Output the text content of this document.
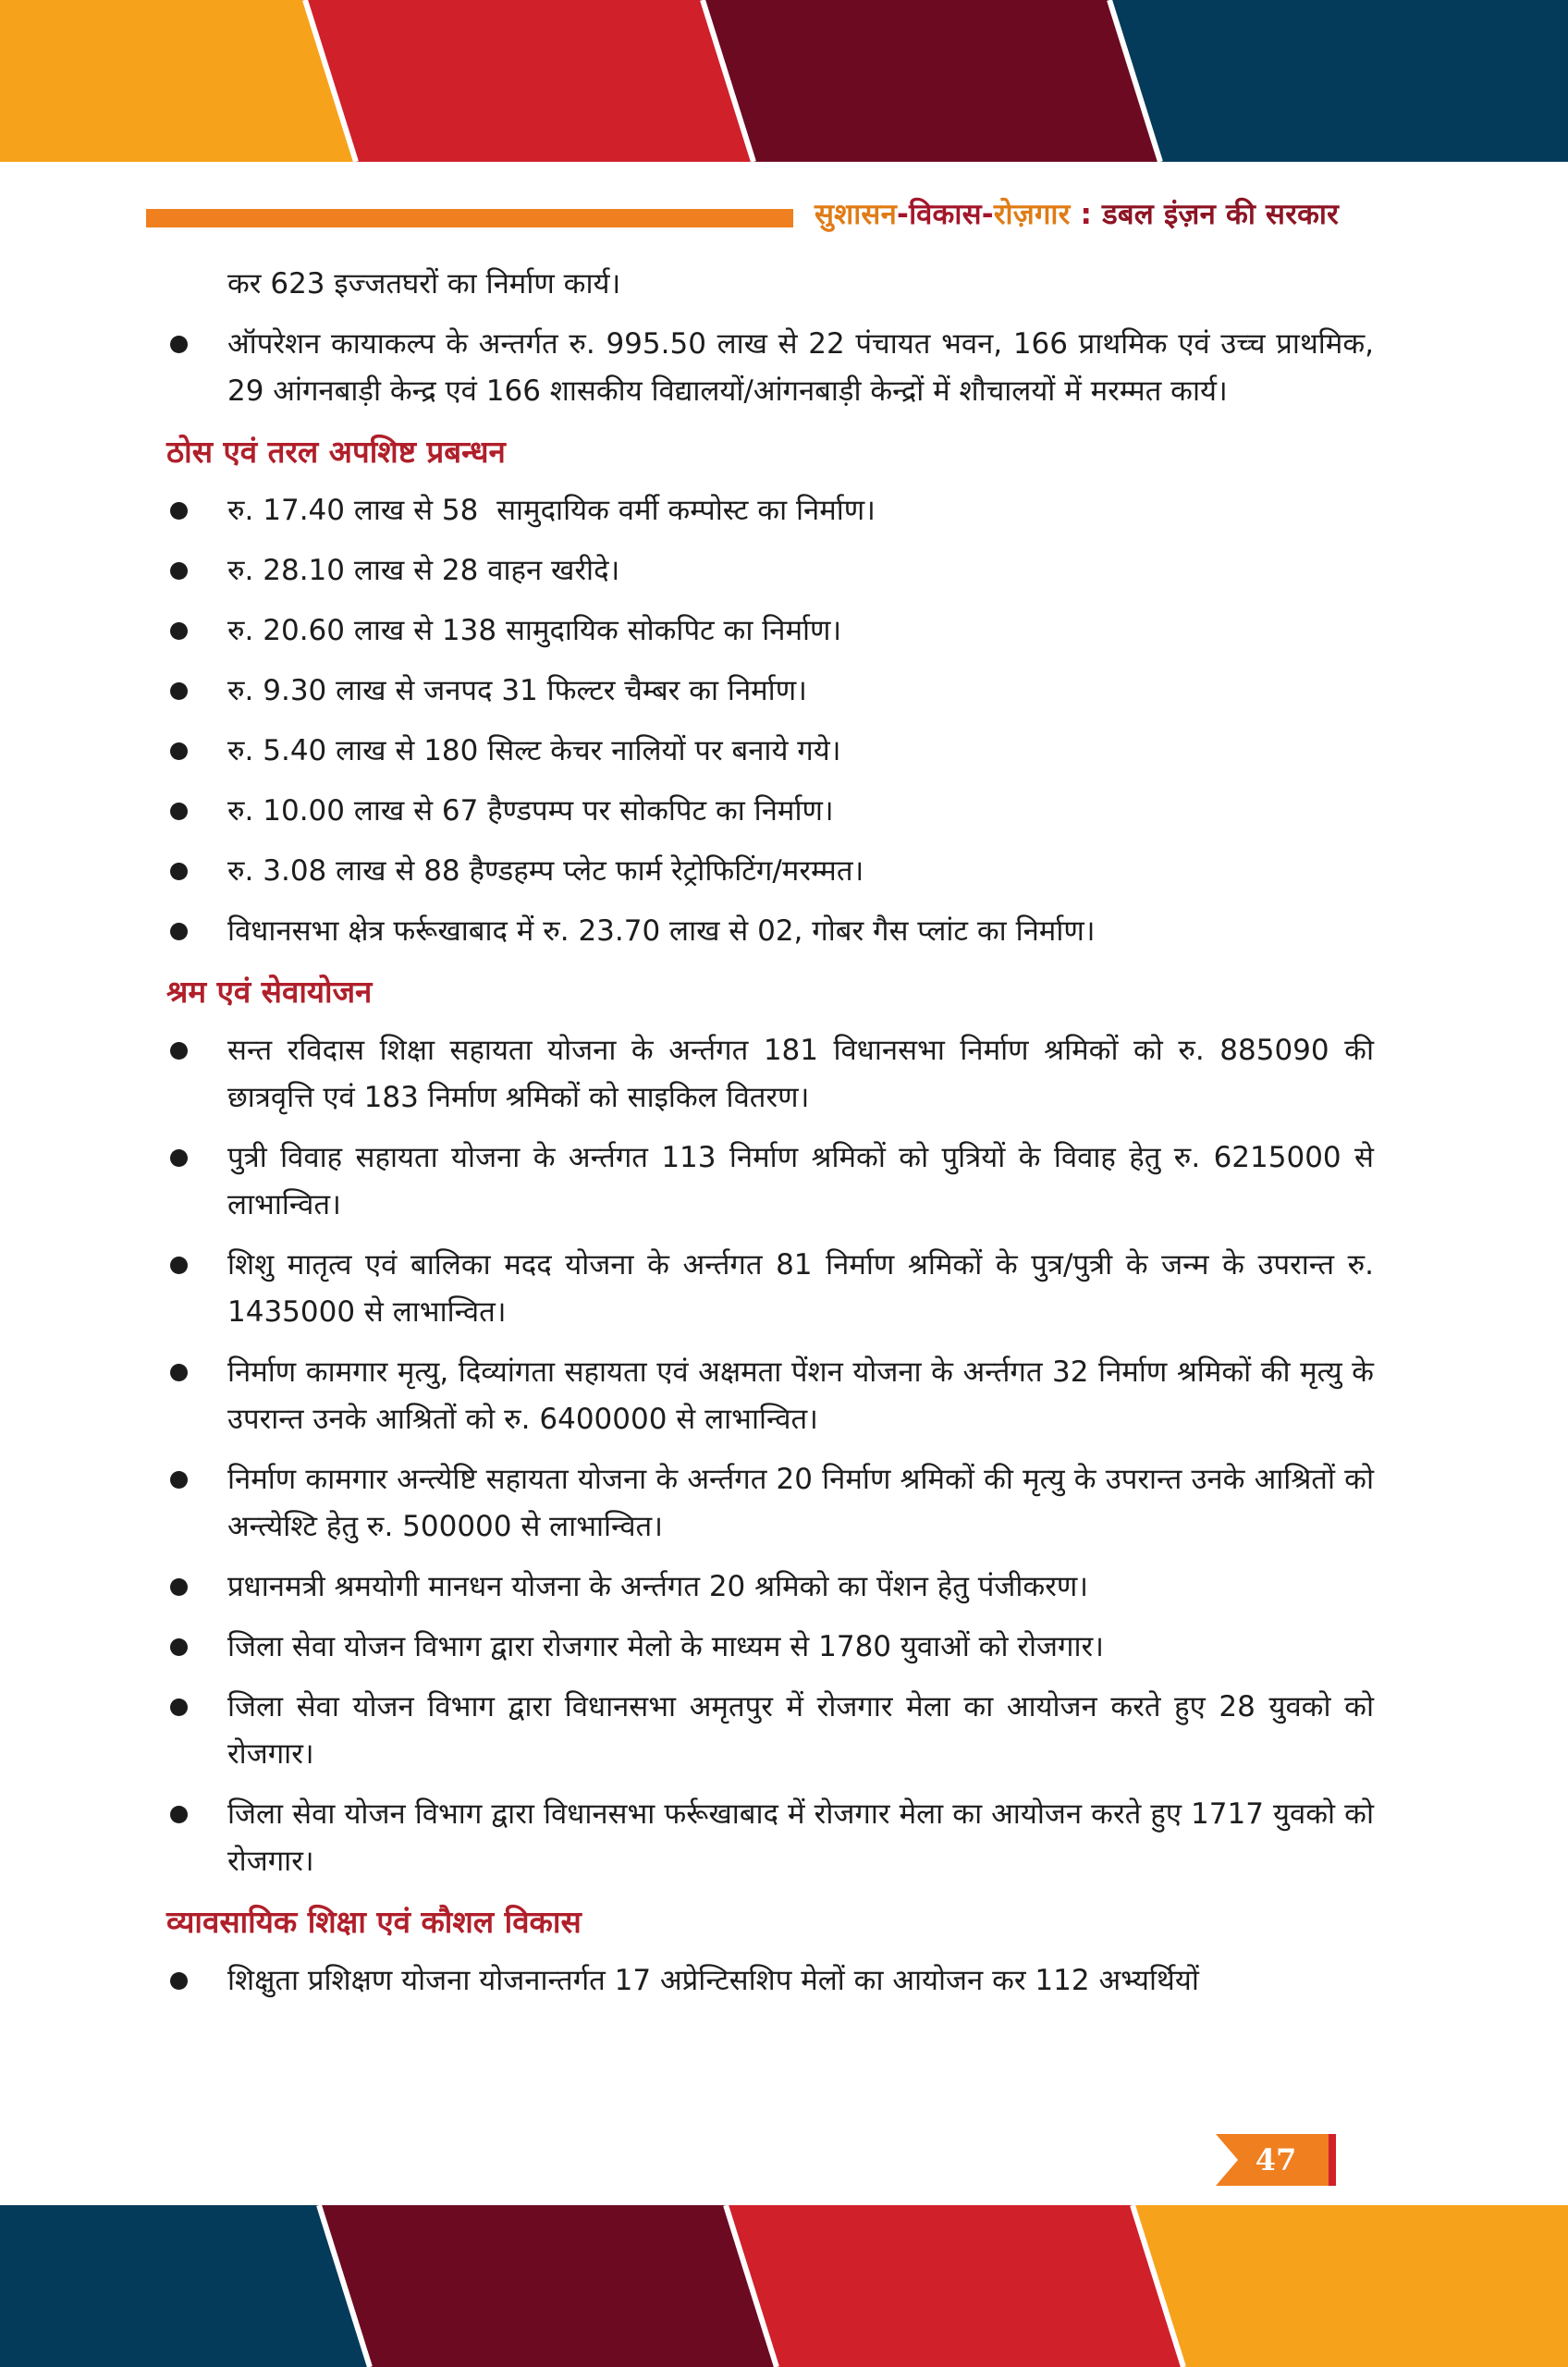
सुशासन-विकास-रोज़गार : डबल इंज़न की सरकार

कर 623 इज्जतघरों का निर्माण कार्य।

ऑपरेशन कायाकल्प के अन्तर्गत रु. 995.50 लाख से 22 पंचायत भवन, 166 प्राथमिक एवं उच्च प्राथमिक, 29 आंगनबाड़ी केन्द्र एवं 166 शासकीय विद्यालयों/आंगनबाड़ी केन्द्रों में शौचालयों में मरम्मत कार्य।
ठोस एवं तरल अपशिष्ट प्रबन्धन
रु. 17.40 लाख से 58  सामुदायिक वर्मी कम्पोस्ट का निर्माण।
रु. 28.10 लाख से 28 वाहन खरीदे।
रु. 20.60 लाख से 138 सामुदायिक सोकपिट का निर्माण।
रु. 9.30 लाख से जनपद 31 फिल्टर चैम्बर का निर्माण।
रु. 5.40 लाख से 180 सिल्ट केचर नालियों पर बनाये गये।
रु. 10.00 लाख से 67 हैण्डपम्प पर सोकपिट का निर्माण।
रु. 3.08 लाख से 88 हैण्डहम्प प्लेट फार्म रेट्रोफिटिंग/मरम्मत।
विधानसभा क्षेत्र फर्रूखाबाद में रु. 23.70 लाख से 02, गोबर गैस प्लांट का निर्माण।
श्रम एवं सेवायोजन
सन्त रविदास शिक्षा सहायता योजना के अर्न्तगत 181 विधानसभा निर्माण श्रमिकों को रु. 885090 की छात्रवृत्ति एवं 183 निर्माण श्रमिकों को साइकिल वितरण।
पुत्री विवाह सहायता योजना के अर्न्तगत 113 निर्माण श्रमिकों को पुत्रियों के विवाह हेतु रु. 6215000 से लाभान्वित।
शिशु मातृत्व एवं बालिका मदद योजना के अर्न्तगत 81 निर्माण श्रमिकों के पुत्र/पुत्री के जन्म के उपरान्त रु. 1435000 से लाभान्वित।
निर्माण कामगार मृत्यु, दिव्यांगता सहायता एवं अक्षमता पेंशन योजना के अर्न्तगत 32 निर्माण श्रमिकों की मृत्यु के उपरान्त उनके आश्रितों को रु. 6400000 से लाभान्वित।
निर्माण कामगार अन्त्येष्टि सहायता योजना के अर्न्तगत 20 निर्माण श्रमिकों की मृत्यु के उपरान्त उनके आश्रितों को अन्त्येश्टि हेतु रु. 500000 से लाभान्वित।
प्रधानमत्री श्रमयोगी मानधन योजना के अर्न्तगत 20 श्रमिको का पेंशन हेतु पंजीकरण।
जिला सेवा योजन विभाग द्वारा रोजगार मेलो के माध्यम से 1780 युवाओं को रोजगार।
जिला सेवा योजन विभाग द्वारा विधानसभा अमृतपुर में रोजगार मेला का आयोजन करते हुए 28 युवको को रोजगार।
जिला सेवा योजन विभाग द्वारा विधानसभा फर्रूखाबाद में रोजगार मेला का आयोजन करते हुए 1717 युवको को रोजगार।
व्यावसायिक शिक्षा एवं कौशल विकास
शिक्षुता प्रशिक्षण योजना योजनान्तर्गत 17 अप्रेन्टिसशिप मेलों का आयोजन कर 112 अभ्यर्थियों
47
